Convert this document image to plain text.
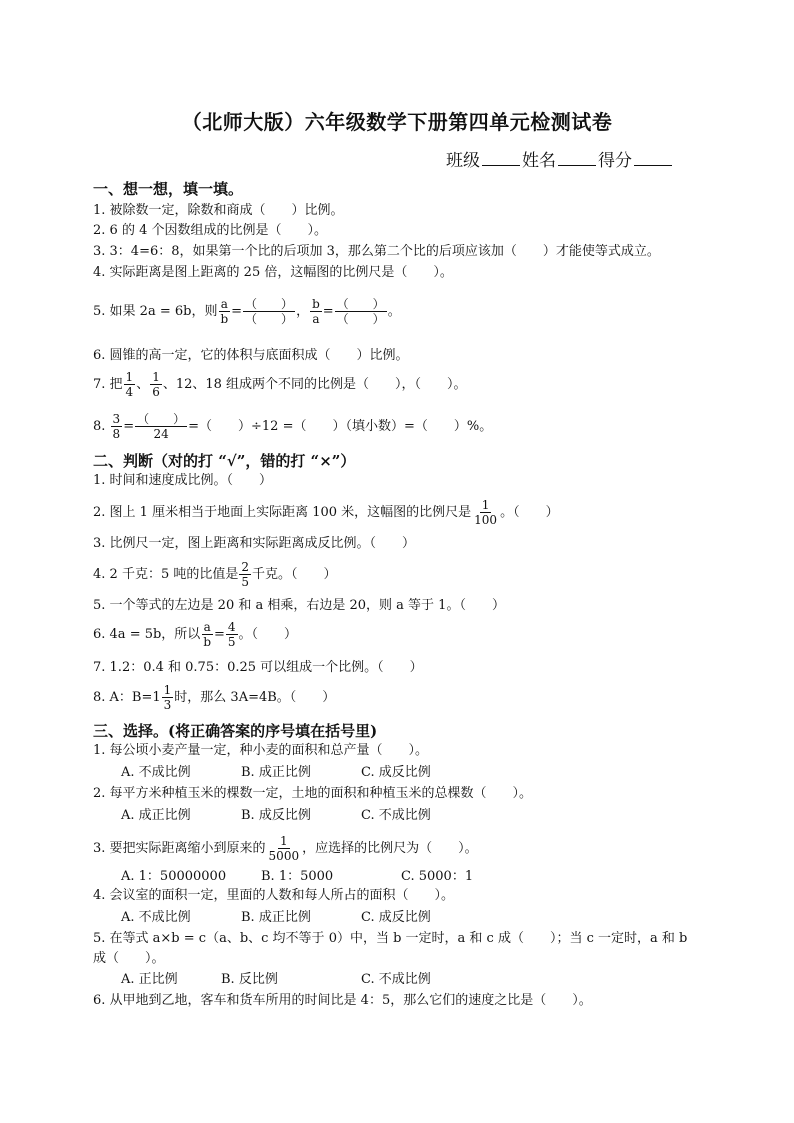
（北师大版）六年级数学下册第四单元检测试卷
班级 姓名 得分
一、想一想，填一填。
1. 被除数一定，除数和商成（　　）比例。
2. 6 的 4 个因数组成的比例是（　　）。
3. 3：4=6：8，如果第一个比的后项加 3，那么第二个比的后项应该加（　　）才能使等式成立。
4. 实际距离是图上距离的 25 倍，这幅图的比例尺是（　　）。
5. 如果 2a = 6b，则 $\frac{a}{b}$ = （　　）
（　　） ， $\frac{b}{a}$ = （　　）
（　　） 。
6. 圆锥的高一定，它的体积与底面积成（　　）比例。
7. 把 $\frac{1}{4}$ 、 $\frac{1}{6}$ 、12、18 组成两个不同的比例是（　　），（　　）。
8. $\frac{3}{8}$ = （　　）
24 =（　　）÷12 =（　　）（填小数）=（　　）%。
二、判断（对的打 “√”，错的打 “×”）
1. 时间和速度成比例。（　　）
2. 图上 1 厘米相当于地面上实际距离 100 米，这幅图的比例尺是 $\frac{1}{100}$ 。（　　）
3. 比例尺一定，图上距离和实际距离成反比例。（　　）
4. 2 千克：5 吨的比值是 $\frac{2}{5}$ 千克。（　　）
5. 一个等式的左边是 20 和 a 相乘，右边是 20，则 a 等于 1。（　　）
6. 4a = 5b，所以 $\frac{a}{b} = \frac{4}{5}$ 。（　　）
7. 1.2：0.4 和 0.75：0.25 可以组成一个比例。（　　）
8. A：$B=1 \frac{1}{3}$ 时，那么 3A=4B。（　　）
三、选择。(将正确答案的序号填在括号里)
1. 每公顷小麦产量一定，种小麦的面积和总产量（　　）。
A. 不成比例	B. 成正比例	C. 成反比例
2. 每平方米种植玉米的棵数一定，土地的面积和种植玉米的总棵数（　　）。
A. 成正比例	B. 成反比例	C. 不成比例
3. 要把实际距离缩小到原来的 $\frac{1}{5000}$ ，应选择的比例尺为（　　）。
A. 1：50000000	B. 1：5000	C. 5000：1
4. 会议室的面积一定，里面的人数和每人所占的面积（　　）。
A. 不成比例	B. 成正比例	C. 成反比例
5. 在等式 a×b = c（a、b、c 均不等于 0）中，当 b 一定时，a 和 c 成（　　）；当 c 一定时，a 和 b
成（　　）。
A. 正比例	B. 反比例	C. 不成比例
6. 从甲地到乙地，客车和货车所用的时间比是 4：5，那么它们的速度之比是（　　）。
